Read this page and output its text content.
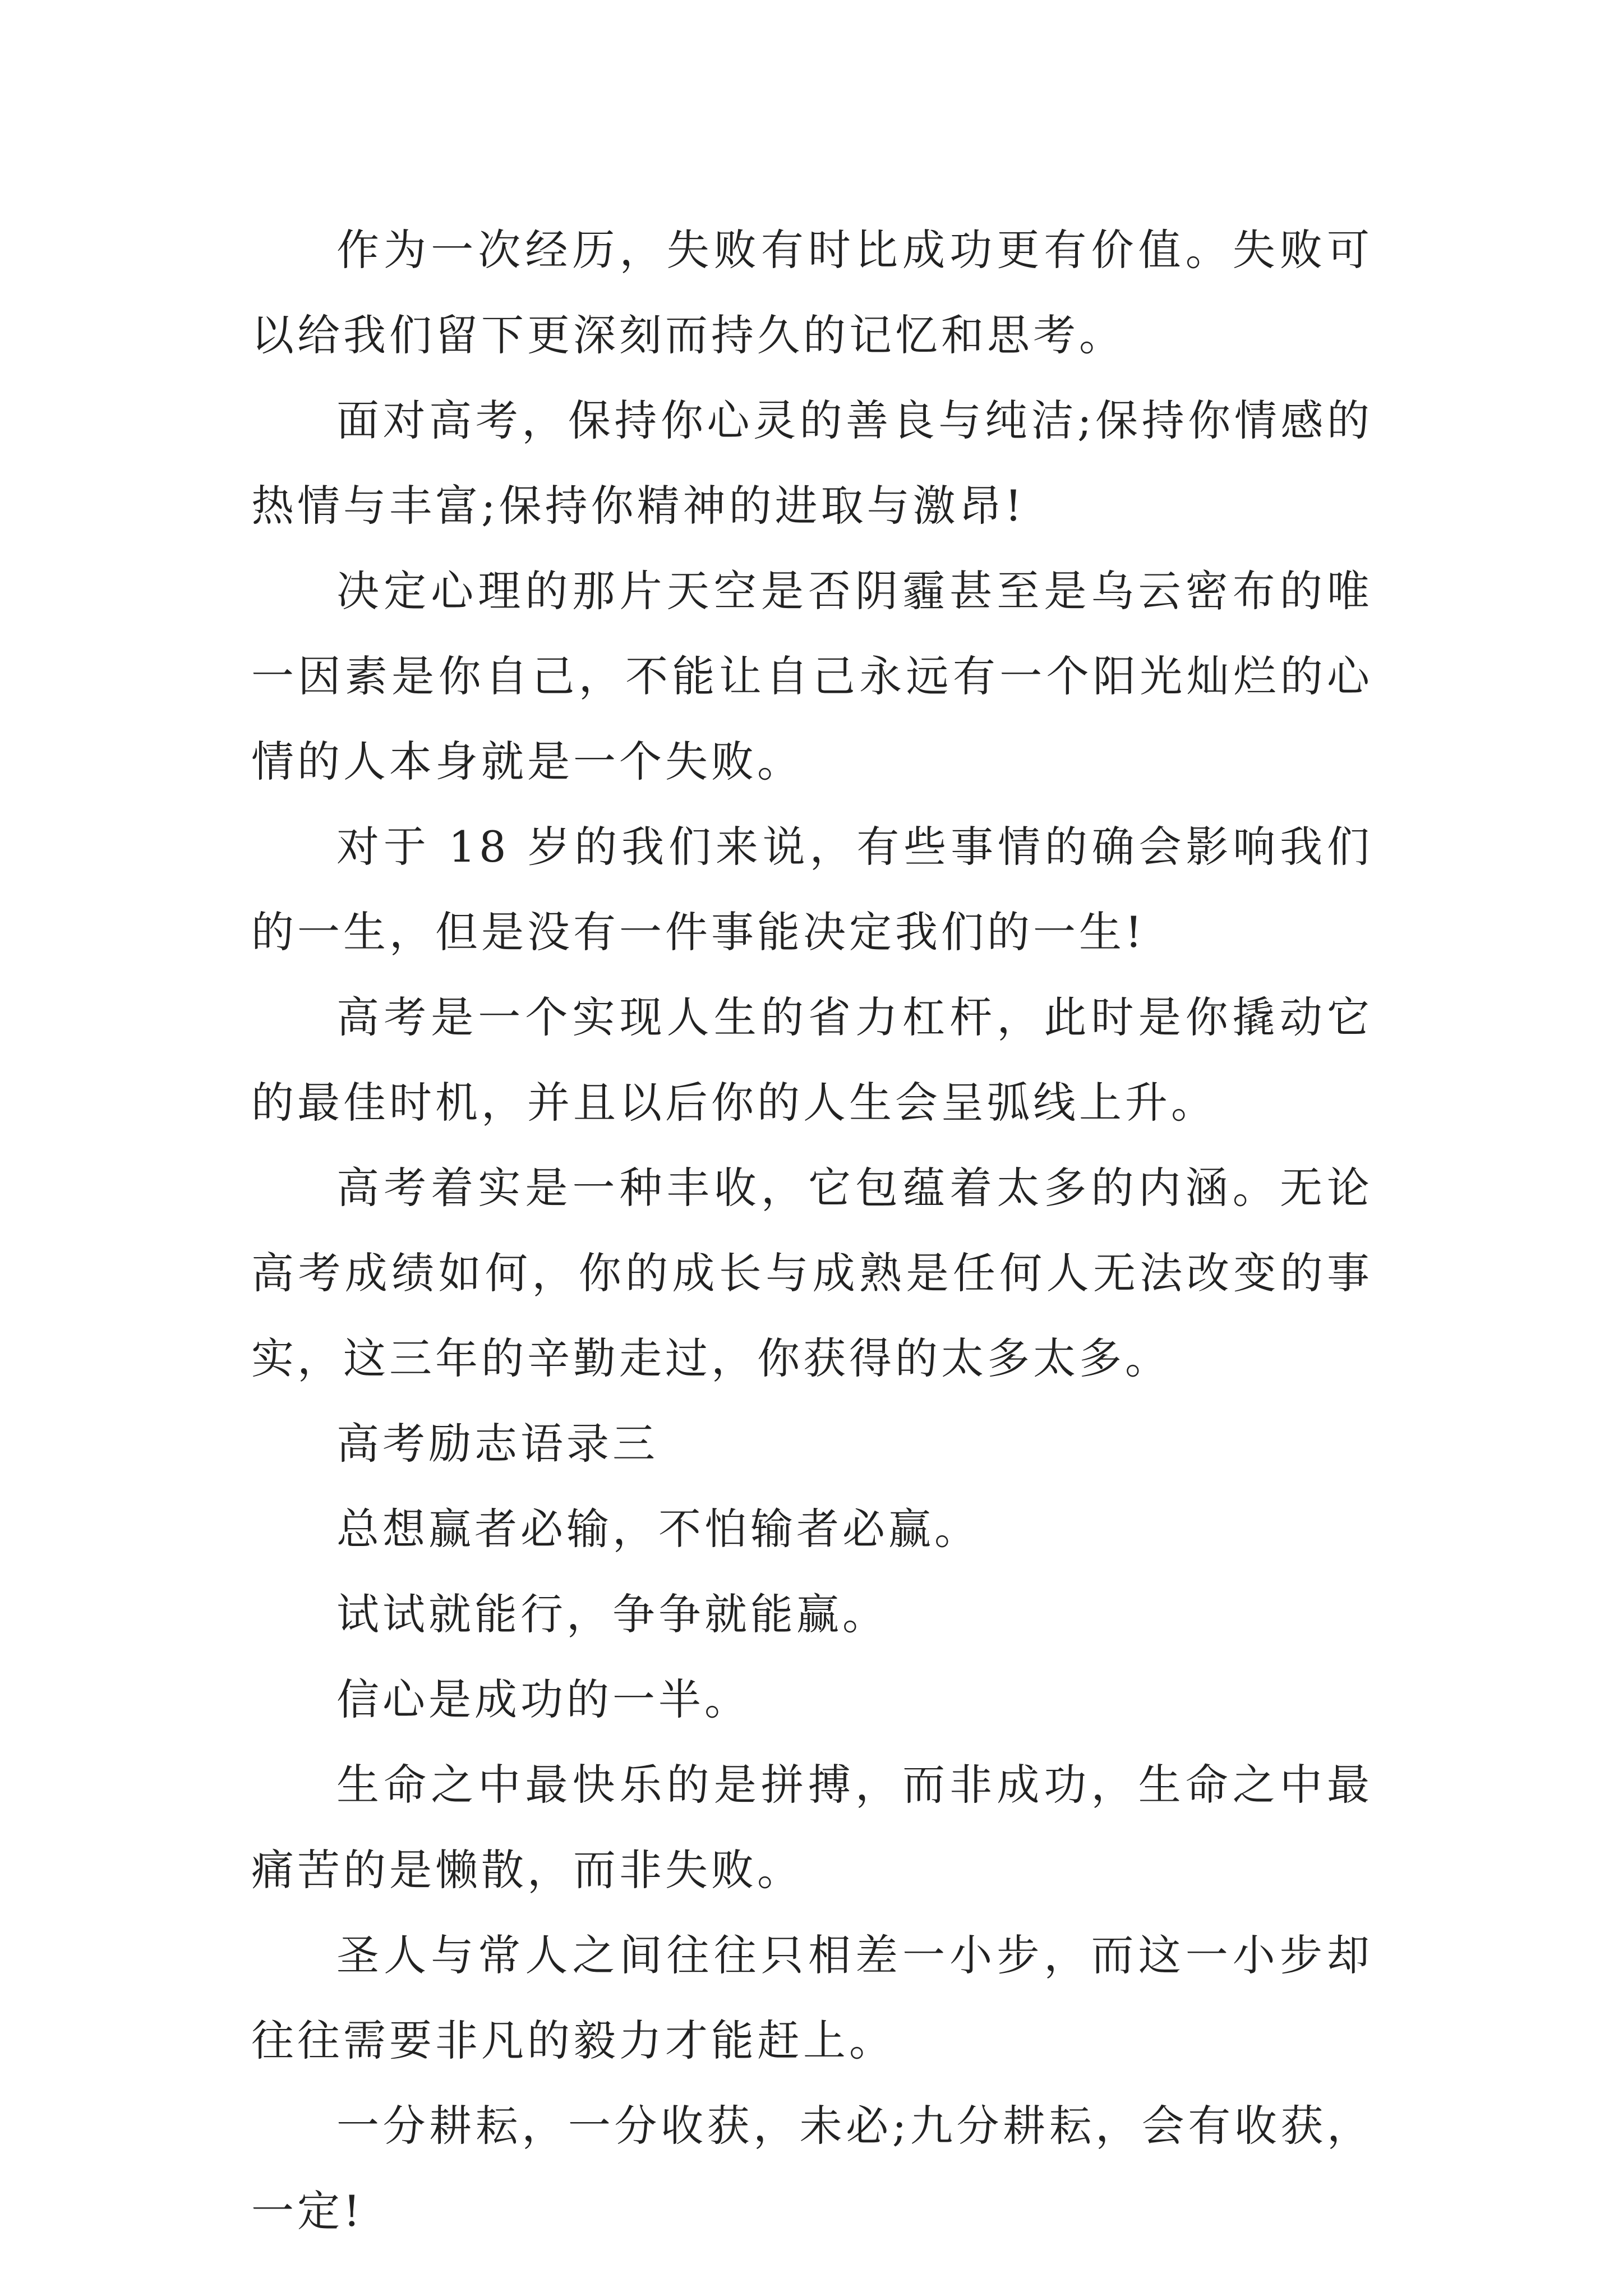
作为一次经历，失败有时比成功更有价值。失败可以给我们留下更深刻而持久的记忆和思考。

面对高考，保持你心灵的善良与纯洁;保持你情感的热情与丰富;保持你精神的进取与激昂!

决定心理的那片天空是否阴霾甚至是乌云密布的唯一因素是你自己，不能让自己永远有一个阳光灿烂的心情的人本身就是一个失败。

对于 18 岁的我们来说，有些事情的确会影响我们的一生，但是没有一件事能决定我们的一生!

高考是一个实现人生的省力杠杆，此时是你撬动它的最佳时机，并且以后你的人生会呈弧线上升。

高考着实是一种丰收，它包蕴着太多的内涵。无论高考成绩如何，你的成长与成熟是任何人无法改变的事实，这三年的辛勤走过，你获得的太多太多。

高考励志语录三

总想赢者必输，不怕输者必赢。

试试就能行，争争就能赢。

信心是成功的一半。

生命之中最快乐的是拼搏，而非成功，生命之中最痛苦的是懒散，而非失败。

圣人与常人之间往往只相差一小步，而这一小步却往往需要非凡的毅力才能赶上。

一分耕耘，一分收获，未必;九分耕耘，会有收获，一定!
